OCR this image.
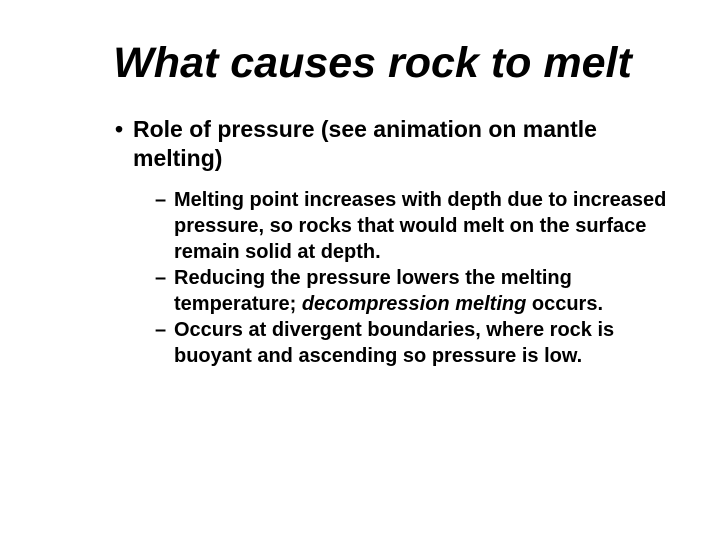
What causes rock to melt
• Role of pressure (see animation on mantle melting)
– Melting point increases with depth due to increased pressure, so rocks that would melt on the surface remain solid at depth.
– Reducing the pressure lowers the melting temperature; decompression melting occurs.
– Occurs at divergent boundaries, where rock is buoyant and ascending so pressure is low.
